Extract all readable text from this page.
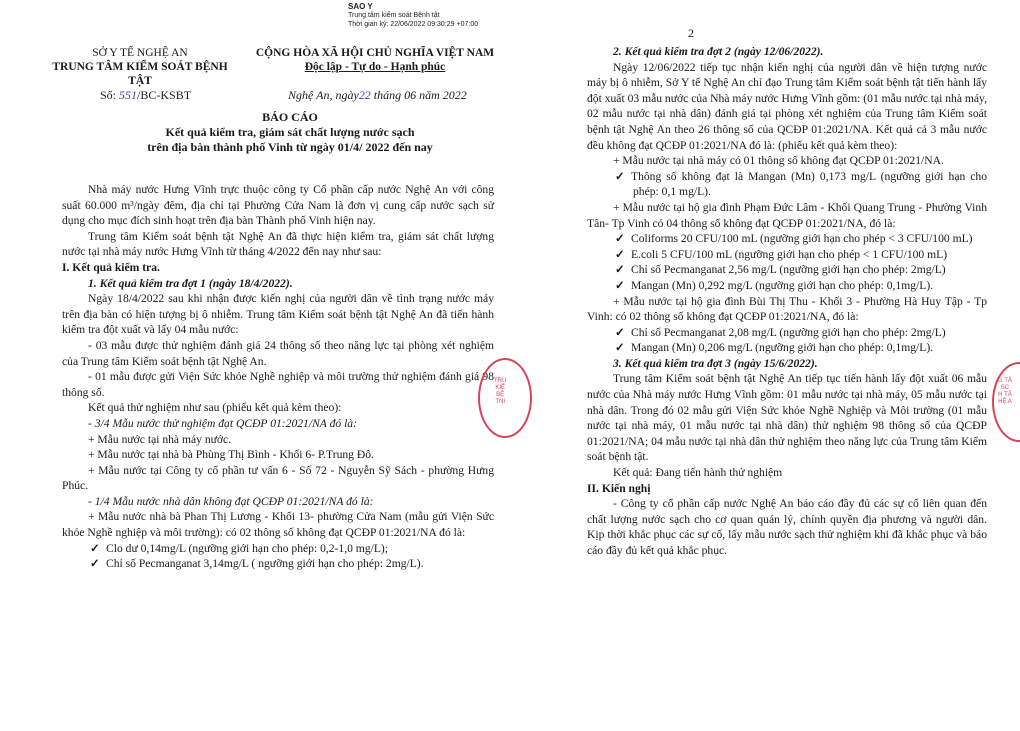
SAO Y
Trung tâm kiểm soát Bệnh tật
Thời gian ký: 22/06/2022 09:30:29 +07:00
2
SỞ Y TẾ NGHỆ AN
TRUNG TÂM KIỂM SOÁT BỆNH TẬT
CỘNG HÒA XÃ HỘI CHỦ NGHĨA VIỆT NAM
Độc lập - Tự do - Hạnh phúc
Số: 551/BC-KSBT	Nghệ An, ngày22 tháng 06 năm 2022
BÁO CÁO
Kết quả kiểm tra, giám sát chất lượng nước sạch
trên địa bàn thành phố Vinh từ ngày 01/4/ 2022 đến nay

Nhà máy nước Hưng Vĩnh trực thuộc công ty Cổ phần cấp nước Nghệ An với công suất 60.000 m³/ngày đêm, địa chỉ tại Phường Cửa Nam là đơn vị cung cấp nước sạch sử dụng cho mục đích sinh hoạt trên địa bàn Thành phố Vinh hiện nay.

Trung tâm Kiểm soát bệnh tật Nghệ An đã thực hiện kiểm tra, giám sát chất lượng nước tại nhà máy nước Hưng Vĩnh từ tháng 4/2022 đến nay như sau:

I. Kết quả kiểm tra.

1. Kết quả kiểm tra đợt 1 (ngày 18/4/2022).

Ngày 18/4/2022 sau khi nhận được kiến nghị của người dân về tình trạng nước máy trên địa bàn có hiện tượng bị ô nhiễm. Trung tâm Kiểm soát bệnh tật Nghệ An đã tiến hành kiểm tra đột xuất và lấy 04 mẫu nước:

- 03 mẫu được thử nghiệm đánh giá 24 thông số theo năng lực tại phòng xét nghiệm của Trung tâm Kiểm soát bệnh tật Nghệ An.

- 01 mẫu được gửi Viện Sức khỏe Nghề nghiệp và môi trường thử nghiệm đánh giá 98 thông số.

Kết quả thử nghiệm như sau (phiếu kết quả kèm theo):

- 3/4 Mẫu nước thử nghiệm đạt QCĐP 01:2021/NA đó là:

+ Mẫu nước tại nhà máy nước.

+ Mẫu nước tại nhà bà Phùng Thị Bình - Khối 6- P.Trung Đô.

+ Mẫu nước tại Công ty cổ phần tư vấn 6 - Số 72 - Nguyễn Sỹ Sách - phường Hưng Phúc.

- 1/4 Mẫu nước nhà dân không đạt QCĐP 01:2021/NA đó là:

+ Mẫu nước nhà bà Phan Thị Lương - Khối 13- phường Cửa Nam (mẫu gửi Viện Sức khỏe Nghề nghiệp và môi trường): có 02 thông số không đạt QCĐP 01:2021/NA đó là:

✓ Clo dư 0,14mg/L (ngưỡng giới hạn cho phép: 0,2-1,0 mg/L);

✓ Chỉ số Pecmanganat 3,14mg/L ( ngưỡng giới hạn cho phép: 2mg/L).

2. Kết quả kiểm tra đợt 2 (ngày 12/06/2022).

Ngày 12/06/2022 tiếp tục nhận kiến nghị của người dân về hiện tượng nước máy bị ô nhiễm, Sở Y tế Nghệ An chỉ đạo Trung tâm Kiểm soát bệnh tật tiến hành lấy đột xuất 03 mẫu nước của Nhà máy nước Hưng Vĩnh gồm: (01 mẫu nước tại nhà máy, 02 mẫu nước tại nhà dân) đánh giá tại phòng xét nghiệm của Trung tâm Kiểm soát bệnh tật Nghệ An theo 26 thông số của QCĐP 01:2021/NA. Kết quả cả 3 mẫu nước đều không đạt QCĐP 01:2021/NA đó là: (phiếu kết quả kèm theo):

+ Mẫu nước tại nhà máy có 01 thông số không đạt QCĐP 01:2021/NA.

✓ Thông số không đạt là Mangan (Mn) 0,173 mg/L (ngưỡng giới hạn cho phép: 0,1 mg/L).

+ Mẫu nước tại hộ gia đình Phạm Đức Lâm - Khối Quang Trung - Phường Vinh Tân- Tp Vinh có 04 thông số không đạt QCĐP 01:2021/NA, đó là:

✓ Coliforms 20 CFU/100 mL (ngưỡng giới hạn cho phép < 3 CFU/100 mL)

✓ E.coli 5 CFU/100 mL (ngưỡng giới hạn cho phép < 1 CFU/100 mL)

✓ Chỉ số Pecmanganat 2,56 mg/L (ngưỡng giới hạn cho phép: 2mg/L)

✓ Mangan (Mn) 0,292 mg/L (ngưỡng giới hạn cho phép: 0,1mg/L).

+ Mẫu nước tại hộ gia đình Bùi Thị Thu - Khối 3 - Phường Hà Huy Tập - Tp Vinh: có 02 thông số không đạt QCĐP 01:2021/NA, đó là:

✓ Chỉ số Pecmanganat 2,08 mg/L (ngưỡng giới hạn cho phép: 2mg/L)

✓ Mangan (Mn) 0,206 mg/L (ngưỡng giới hạn cho phép: 0,1mg/L).

3. Kết quả kiểm tra đợt 3 (ngày 15/6/2022).

Trung tâm Kiểm soát bệnh tật Nghệ An tiếp tục tiến hành lấy đột xuất 06 mẫu nước của Nhà máy nước Hưng Vĩnh gồm: 01 mẫu nước tại nhà máy, 05 mẫu nước tại nhà dân. Trong đó 02 mẫu gửi Viện Sức khỏe Nghề Nghiệp và Môi trường (01 mẫu nước tại nhà máy, 01 mẫu nước tại nhà dân) thử nghiệm 98 thông số của QCĐP 01:2021/NA; 04 mẫu nước tại nhà dân thử nghiệm theo năng lực của Trung tâm Kiểm soát bệnh tật.

Kết quả: Đang tiến hành thử nghiệm

II. Kiến nghị

- Công ty cổ phần cấp nước Nghệ An báo cáo đầy đủ các sự cố liên quan đến chất lượng nước sạch cho cơ quan quản lý, chính quyền địa phương và người dân. Kịp thời khắc phục các sự cố, lấy mẫu nước sạch thử nghiệm khi đã khắc phục và báo cáo đầy đủ kết quả khắc phục.

TRU
KIỂ
BỆ
TNI
G TÂ
SC
H TẬ
HỆ A
